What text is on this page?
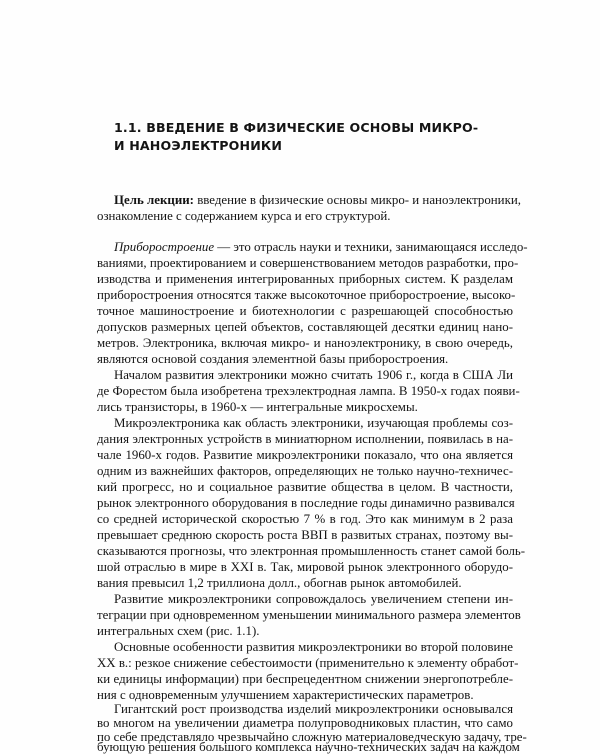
1.1. ВВЕДЕНИЕ В ФИЗИЧЕСКИЕ ОСНОВЫ МИКРО-
И НАНОЭЛЕКТРОНИКИ
Цель лекции: введение в физические основы микро- и наноэлектроники,
ознакомление с содержанием курса и его структурой.
Приборостроение — это отрасль науки и техники, занимающаяся исследо-
ваниями, проектированием и совершенствованием методов разработки, про-
изводства и применения интегрированных приборных систем. К разделам
приборостроения относятся также высокоточное приборостроение, высоко-
точное машиностроение и биотехнологии с разрешающей способностью
допусков размерных цепей объектов, составляющей десятки единиц нано-
метров. Электроника, включая микро- и наноэлектронику, в свою очередь,
являются основой создания элементной базы приборостроения.
Началом развития электроники можно считать 1906 г., когда в США Ли
де Форестом была изобретена трехэлектродная лампа. В 1950-х годах появи-
лись транзисторы, в 1960-х — интегральные микросхемы.
Микроэлектроника как область электроники, изучающая проблемы соз-
дания электронных устройств в миниатюрном исполнении, появилась в на-
чале 1960-х годов. Развитие микроэлектроники показало, что она является
одним из важнейших факторов, определяющих не только научно-техничес-
кий прогресс, но и социальное развитие общества в целом. В частности,
рынок электронного оборудования в последние годы динамично развивался
со средней исторической скоростью 7 % в год. Это как минимум в 2 раза
превышает среднюю скорость роста ВВП в развитых странах, поэтому вы-
сказываются прогнозы, что электронная промышленность станет самой боль-
шой отраслью в мире в XXI в. Так, мировой рынок электронного оборудо-
вания превысил 1,2 триллиона долл., обогнав рынок автомобилей.
Развитие микроэлектроники сопровождалось увеличением степени ин-
теграции при одновременном уменьшении минимального размера элементов
интегральных схем (рис. 1.1).
Основные особенности развития микроэлектроники во второй половине
XX в.: резкое снижение себестоимости (применительно к элементу обработ-
ки единицы информации) при беспрецедентном снижении энергопотребле-
ния с одновременным улучшением характеристических параметров.
Гигантский рост производства изделий микроэлектроники основывался
во многом на увеличении диаметра полупроводниковых пластин, что само
по себе представляло чрезвычайно сложную материаловедческую задачу, тре-
бующую решения большого комплекса научно-технических задач на каждом
